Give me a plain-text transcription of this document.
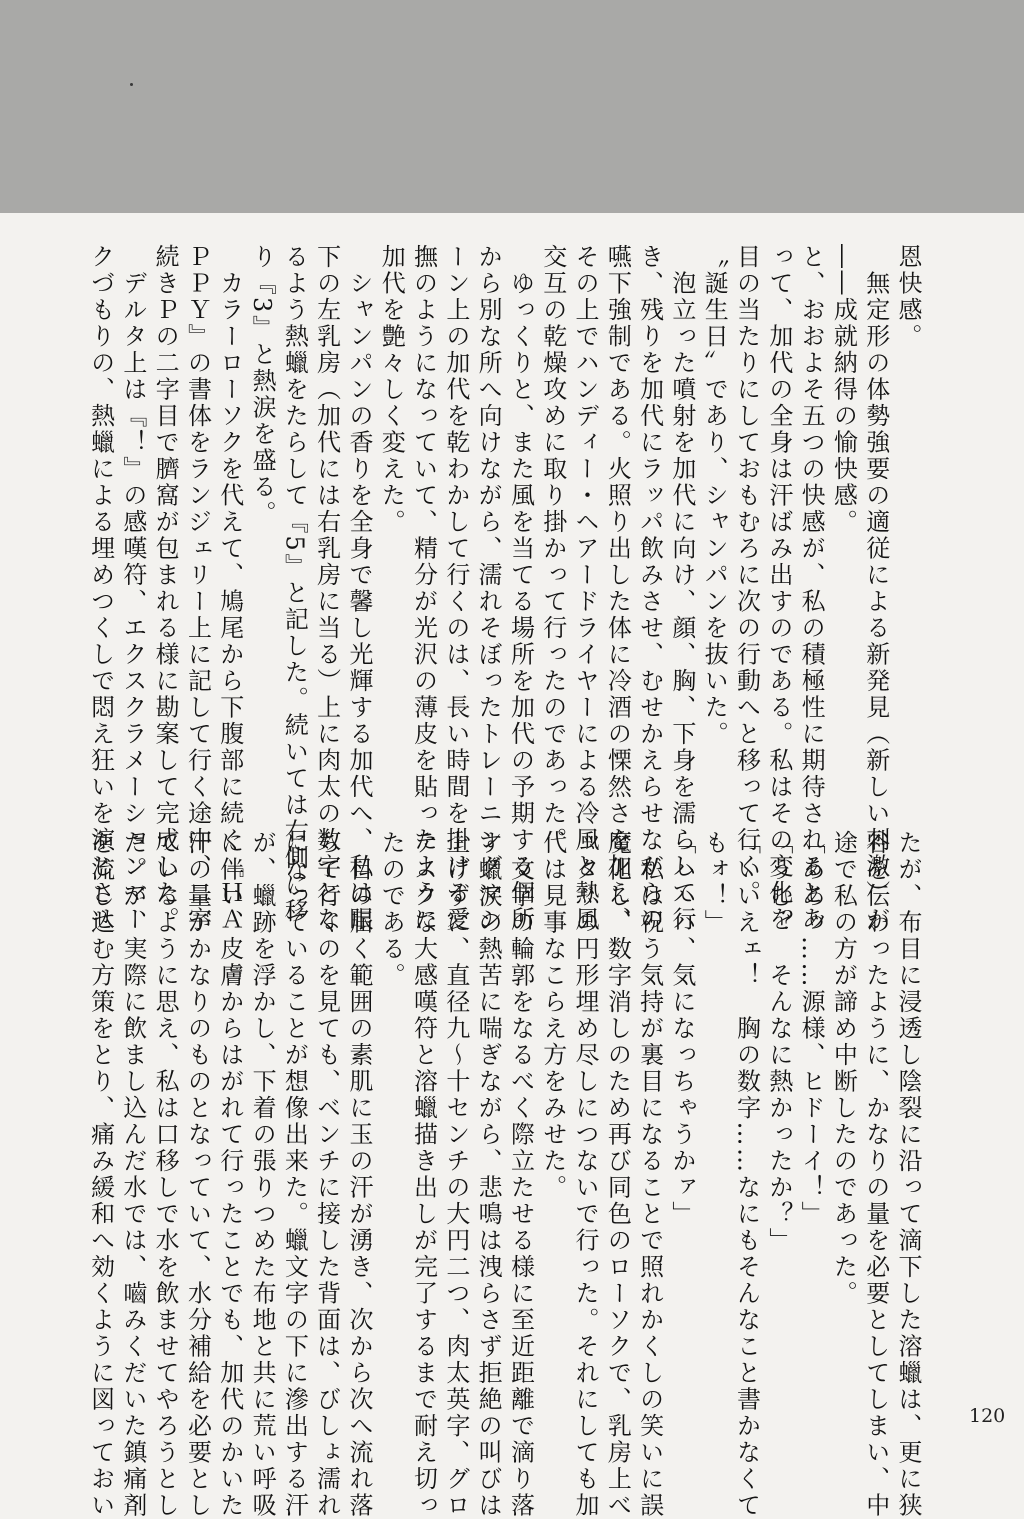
恩快感。
　無定形の体勢強要の適従による新発見（新しい刺激）が
――成就納得の愉快感。
と、おおよそ五つの快感が、私の積極性に期待されるとあ
って、加代の全身は汗ばみ出すのである。私はその変化を
目の当たりにしておもむろに次の行動へと移って行く。
〝誕生日〟であり、シャンパンを抜いた。
　泡立った噴射を加代に向け、顔、胸、下身を濡らして行
き、残りを加代にラッパ飲みさせ、むせかえらせながらの
嚥下強制である。火照り出した体に冷酒の慄然さを加え、
その上でハンディー・ヘアードライヤーによる冷風と熱風
交互の乾燥攻めに取り掛かって行ったのであった。
　ゆっくりと、また風を当てる場所を加代の予期する個所
から別な所へ向けながら、濡れそぼったトレーニングマシ
ーン上の加代を乾わかして行くのは、長い時間を掛ける愛
撫のようになっていて、精分が光沢の薄皮を貼ったように
加代を艶々しく変えた。
　シャンパンの香りを全身で馨し光輝する加代へ、私は眼
下の左乳房（加代には右乳房に当る）上に肉太の数字とな
るよう熱蠟をたらして『5』と記した。続いては右側に移
り『3』と熱涙を盛る。
　カラーローソクを代えて、鳩尾から下腹部に続く『ＨＡ
ＰＰＹ』の書体をランジェリー上に記して行く途中、二字
続きＰの二字目で臍窩が包まれる様に勘案して完成した。
　デルタ上は『！』の感嘆符、エクスクラメーションマー
クづもりの、熱蠟による埋めつくしで悶え狂いを演じさせ
たが、布目に浸透し陰裂に沿って滴下した溶蠟は、更に狭
谷を伝わったように、かなりの量を必要としてしまい、中
途で私の方が諦め中断したのであった。
「ああッ……源様、ヒドーイ！」
「うむ？　そんなに熱かったか？」
「いいえェ！　胸の数字……なにもそんなこと書かなくて
もォ！」
「ハハハ、気になっちゃうかァ」
　私は祝う気持が裏目になることで照れかくしの笑いに誤
魔化し、数字消しのため再び同色のローソクで、乳房上べ
ッタリの円形埋め尽しにつないで行った。それにしても加
代は見事なこらえ方をみせた。
　文字の輪郭をなるべく際立たせる様に至近距離で滴り落
す蠟涙の熱苦に喘ぎながら、悲鳴は洩らさず拒絶の叫びは
上げずに、直径九～十センチの大円二つ、肉太英字、グロ
テスクな大感嘆符と溶蠟描き出しが完了するまで耐え切っ
たのである。
　目の届く範囲の素肌に玉の汗が湧き、次から次へ流れ落
ちて行くのを見ても、ベンチに接した背面は、びしょ濡れ
になっていることが想像出来た。蠟文字の下に滲出する汗
が、蠟跡を浮かし、下着の張りつめた布地と共に荒い呼吸
に伴い、皮膚からはがれて行ったことでも、加代のかいた
汗の量がかなりのものとなっていて、水分補給を必要とし
ているように思え、私は口移しで水を飲ませてやろうとし
た。が、実際に飲まし込んだ水では、嚙みくだいた鎮痛剤
を流し込む方策をとり、痛み緩和へ効くように図っておい	120
